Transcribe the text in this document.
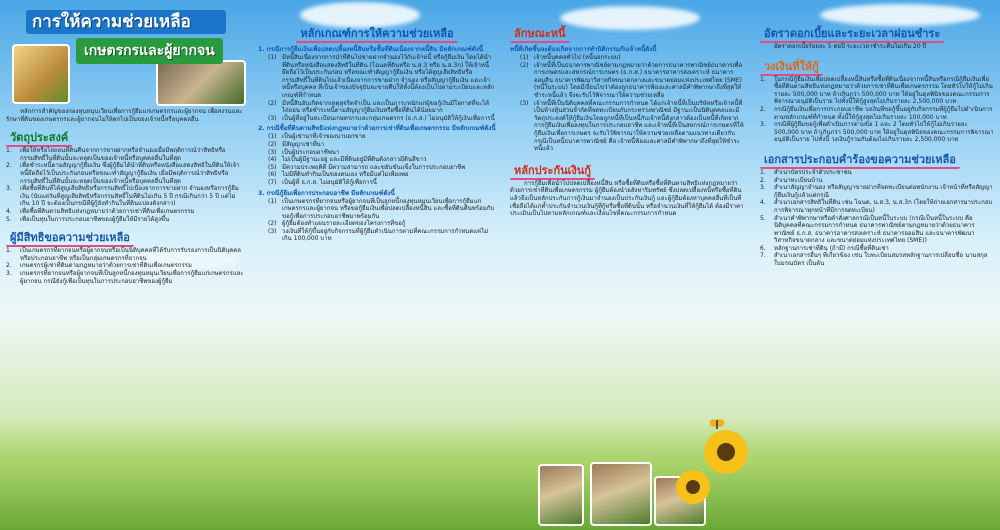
การให้ความช่วยเหลือ
เกษตรกรและผู้ยากจน
หลักการสำคัญของกองทุนหมุนเวียนเพื่อการกู้ยืมแก่เกษตรกรและผู้ยากจน เพื่อสงวนและรักษาที่ดินของเกษตรกรและผู้ยากจนไม่ให้ตกไปเป็นของเจ้าหนี้หรือบุคคลอื่น
วัตถุประสงค์
1.	เพื่อให้หรือไถ่ถอนที่ดินคืนจากการขายฝากหรือจำนองเมื่อมีพฤติการณ์ว่าสิทธิหรือกรรมสิทธิ์ในที่ดินนั้นจะหลุดเป็นของเจ้าหนี้หรือบุคคลอื่นในที่สุด
2.	เพื่อชำระหนี้ตามสัญญากู้ยืมเงิน ซึ่งผู้กู้ยืมได้นำที่ดินหรือหนังสือแสดงสิทธิในที่ดินให้เจ้าหนี้ยึดถือไว้เป็นประกันก่อนหรือขณะทำสัญญากู้ยืมเงิน เมื่อมีพฤติการณ์ว่าสิทธิหรือกรรมสิทธิ์ในที่ดินนั้นจะหลุดเป็นของเจ้าหนี้หรือบุคคลอื่นในที่สุด
3.	เพื่อซื้อที่ดินที่ได้สูญเสียสิทธิหรือกรรมสิทธิ์ไปเนื่องจากการขายฝาก จำนองหรือการกู้ยืมเงิน (นับแต่วันที่สูญเสียสิทธิหรือกรรมสิทธิ์ในที่ดินไม่เกิน 5 ปี กรณีเกินกว่า 5 ปี แต่ไม่เกิน 10 ปี จะต้องเป็นกรณีที่ผู้กู้ยังทำกินในที่ดินแปลงดังกล่าว)
4.	เพื่อซื้อที่ดินตามสิทธิแห่งกฎหมายว่าด้วยการเช่าที่ดินเพื่อเกษตรกรรม
5.	เพื่อเป็นทุนในการประกอบอาชีพของผู้กู้ยืมให้มีรายได้สูงขึ้น
ผู้มีสิทธิขอความช่วยเหลือ
1.	เป็นเกษตรกรที่ยากจนหรือผู้ยากจนหรือเป็นนิติบุคคลที่ได้รับการรับรองการเป็นนิติบุคคลหรือประกอบอาชีพ หรือเป็นกลุ่มเกษตรกรที่ยากจน
2.	เกษตรกรผู้เช่าที่ดินตามกฎหมายว่าด้วยการเช่าที่ดินเพื่อเกษตรกรรม
3.	เกษตรกรที่ยากจนหรือผู้ยากจนที่เป็นลูกหนี้กองทุนหมุนเวียนเพื่อการกู้ยืมแก่เกษตรกรและผู้ยากจน กรณียังกู้เพื่อเป็นทุนในการประกอบอาชีพของผู้กู้ยืม
หลักเกณฑ์การให้ความช่วยเหลือ
1. กรณีการกู้ยืมเงินเพื่อปลดเปลื้องหนี้สินหรือซื้อที่ดินเนื่องจากหนี้สิน มีหลักเกณฑ์ดังนี้
(1) มีหนี้สินเนื่องจากการนำที่ดินไปขายฝากจำนองไว้กับเจ้าหนี้ หรือกู้ยืมเงิน โดยได้นำที่ดินหรือหนังสือแสดงสิทธิในที่ดิน (โฉนดที่ดินหรือ น.ส.3 หรือ น.ส.3ก) ให้เจ้าหนี้ยึดถือไว้เป็นประกันก่อน หรือขณะทำสัญญากู้ยืมเงิน หรือได้สูญเสียสิทธิหรือกรรมสิทธิ์ในที่ดินไปแล้วเนื่องจากการขายฝาก จำนอง หรือสัญญากู้ยืมเงิน และเจ้าหนี้หรือบุคคล ที่เป็นเจ้าของปัจจุบันจะขายคืนให้ทั้งนี้ต้องเป็นไปตามระเบียบและหลักเกณฑ์ที่กำหนด
(2) มีหนี้สินอันเกิดจากเหตุสุจริตจำเป็น และเป็นภาระหนักแก่ผู้ขอกู้เงินมีโอกาสที่จะได้ ไถ่ถอน หรือชำระหนี้ตามสัญญากู้ยืมเงินหรือซื้อที่ดินได้น้อยมาก
(3) เป็นผู้ที่อยู่ในทะเบียนเกษตรกรและกลุ่มเกษตรกร (ธ.ก.ส.) ไม่อนุมัติให้กู้เงินเพื่อการนี้
2. กรณีซื้อที่ดินตามสิทธิแห่งกฎหมายว่าด้วยการเช่าที่ดินเพื่อเกษตรกรรม มีหลักเกณฑ์ดังนี้
(1) เป็นผู้เช่านาที่เจ้าของนาบอกขาย
(2) มีสัญญาเช่าที่นา
(3) เป็นผู้ประกอบอาชีพนา
(4) ไม่เป็นผู้มีฐานะอยู่ และมีที่ดินอยู่มีที่ดินดังกล่าวมีดินสีขาว
(5) มีความประพฤติดี มีความสามารถ และขยันขันแข็งในการประกอบอาชีพ
(6) ไม่มีที่ดินทำกินเป็นของตนเอง หรือมีแต่ไม่เพียงพอ
(7) เป็นผู้ที่ ธ.ก.ส. ไม่อนุมัติให้กู้เพื่อการนี้
3. กรณีกู้ยืมเพื่อการประกอบอาชีพ มีหลักเกณฑ์ดังนี้
(1) เป็นเกษตรกรที่ยากจนหรือผู้ยากจนที่เป็นลูกหนี้กองทุนหมุนเวียนเพื่อการกู้ยืมแก่เกษตรกรและผู้ยากจน หรือขอกู้ยืมเงินเพื่อปลดเปลื้องหนี้สิน และซื้อที่ดินคืนพร้อมกับขอกู้เพื่อการประกอบอาชีพมาพร้อมกัน
(2) ผู้กู้ยืมต้องทำแผนรายละเอียดของโครงการที่ขอกู้
(3) วงเงินที่ให้กู้ขึ้นอยู่กับกิจกรรมที่ผู้กู้ยืมดำเนินการตามที่คณะกรรมการกำหนดแต่ไม่เกิน 100,000 บาท
ลักษณะหนี้
หนี้ที่เกิดขึ้นจะต้องเกิดจากการทำนิติกรรมกับเจ้าหนี้ดังนี้
(1) เจ้าหนี้บุคคลทั่วไป (หนี้นอกระบบ)
(2) เจ้าหนี้ที่เป็นธนาคารพาณิชย์ตามกฎหมายว่าด้วยการธนาคารพาณิชย์ธนาคารเพื่อการเกษตรและสหกรณ์การเกษตร (ธ.ก.ส.) ธนาคารอาคารสงเคราะห์ ธนาคารออมสิน ธนาคารพัฒนาวิสาหกิจขนาดกลางและขนาดย่อมแห่งประเทศไทย (SME) (หนี้ในระบบ) โดยมีเงื่อนไขว่าต้องถูกธนาคารฟ้องและศาลมีคำพิพากษาถึงที่สุดให้ชำระหนี้แล้ว จึงจะรับไว้พิจารณาให้ความช่วยเหลือ
(3) เจ้าหนี้ที่เป็นนิติบุคคลที่คณะกรรมการกำหนด ได้แก่เจ้าหนี้ที่เป็นบริษัทหรือเจ้าหนี้ที่เป็นห้างหุ้นส่วนจำกัดที่จดทะเบียนกับกระทรวงพาณิชย์ มีฐานะเป็นนิติบุคคลและมีวัตถุประสงค์ให้กู้ยืมเงินโดยถูกหนี้ที่เป็นหนี้กับเจ้าหนี้ดังกล่าวต้องเป็นหนี้ที่เกิดจากการกู้ยืมเงินเพื่อลงทุนในการประกอบอาชีพ และเจ้าหนี้ที่เป็นสหกรณ์การเกษตรที่ให้กู้ยืมเงินเพื่อการเกษตร จะรับไว้พิจารณาให้ความช่วยเหลือตามแนวทางเดียวกับกรณีเป็นหนี้ธนาคารพาณิชย์ คือ เจ้าหนี้ฟ้องและศาลมีคำพิพากษาถึงที่สุดให้ชำระหนี้แล้ว
หลักประกันเงินกู้
การกู้ยืมเพื่อนำไปปลดเปลื้องหนี้สิน หรือซื้อที่ดินหรือซื้อที่ดินตามสิทธิแห่งกฎหมายว่าด้วยการเช่าที่ดินเพื่อเกษตรกรรม ผู้กู้ยืมต้องนำอสังหาริมทรัพย์ ซึ่งปลดเปลื้องหนี้หรือซื้อที่ดินแล้วจึงเป็นหลักประกันการกู้เงินมาจำนองเป็นประกันเงินกู้ และผู้กู้ยืมต้องหาบุคคลอื่นที่เป็นที่เชื่อถือได้แก่ค้ำประกันจำนวนเงินกู้ที่กู้หรือซื้อที่ดินนั้น หรือจำนวนเงินที่ให้กู้ยืมได้ ต้องมีราคาประเมินเป็นไปตามหลักเกณฑ์และเงื่อนไขที่คณะกรรมการกำหนด
อัตราดอกเบี้ยและระยะเวลาผ่อนชำระ
อัตราดอกเบี้ยร้อยละ 5 ต่อปี ระยะเวลาชำระคืนไม่เกิน 20 ปี
วงเงินที่ให้กู้
1.	ในกรณีกู้ยืมเงินเพื่อปลดเปลื้องหนี้สินหรือซื้อที่ดินเนื่องจากหนี้สินหรือกรณีกู้ยืมเงินเพื่อซื้อที่ดินตามสิทธิแห่งกฎหมายว่าด้วยการเช่าที่ดินเพื่อเกษตรกรรม โดยทั่วไปให้กู้ไม่เกินรายละ 500,000 บาท ถ้าเกินกว่า 500,000 บาท ให้อยู่ในดุลพินิจของคณะกรรมการพิจารณาอนุมัติเป็นราย ไปทั้งนี้ให้กู้สูงสุดไม่เกินรายละ 2,500,000 บาท
2.	กรณีกู้ยืมเงินเพื่อการประกอบอาชีพ วงเงินที่ขอกู้ขึ้นอยู่กับกิจกรรมที่ผู้กู้ยืมไปดำเนินการตามหลักเกณฑ์ที่กำหนด ทั้งนี้ให้กู้สูงสุดไม่เกินรายละ 100,000 บาท
3.	กรณีที่ผู้กู้ยืมขอกู้เพื่อดำเนินการตามข้อ 1 และ 2 โดยทั่วไปให้กู้ไม่เกินรายละ 500,000 บาท ถ้าเกินกว่า 500,000 บาท ให้อยู่ในดุลพินิจของคณะกรรมการพิจารณาอนุมัติเป็นราย ไปทั้งนี้ วงเงินกู้รวมกันต้องไม่เกินรายละ 2,500,000 บาท
เอกสารประกอบคำร้องขอความช่วยเหลือ
1.	สำเนาบัตรประจำตัวประชาชน
2.	สำเนาทะเบียนบ้าน
3.	สำเนาสัญญาจำนอง หรือสัญญาขายฝากที่จดทะเบียนต่อพนักงาน เจ้าหน้าที่หรือสัญญากู้ยืมเงินกู้แล้วแต่กรณี
4.	สำเนาเอกสารสิทธิในที่ดิน เช่น โฉนด, น.ส.3, น.ส.3ก (โดยให้ถ่ายเอกสารมาประกอบการพิจารณาทุกหน้าที่มีการจดทะเบียน)
5.	สำเนาคำพิพากษาหรือคำสั่งศาลกรณีเป็นหนี้ในระบบ (กรณีเป็นหนี้ในระบบ คือ นิติบุคคลที่คณะกรรมการกำหนด ธนาคารพาณิชย์ตามกฎหมายว่าด้วยธนาคารพาณิชย์ ธ.ก.ส. ธนาคารอาคารสงเคราะห์ ธนาคารออมสิน และธนาคารพัฒนาวิสาหกิจขนาดกลาง และขนาดย่อมแห่งประเทศไทย (SME))
6.	หลักฐานการเช่าที่ดิน (ถ้ามี) กรณีซื้อที่ดินเช่า
7.	สำเนาเอกสารอื่นๆ ที่เกี่ยวข้อง เช่น ใบทะเบียนสมรสหลักฐานการเปลี่ยนชื่อ นามสกุล ใบมรณบัตร เป็นต้น
